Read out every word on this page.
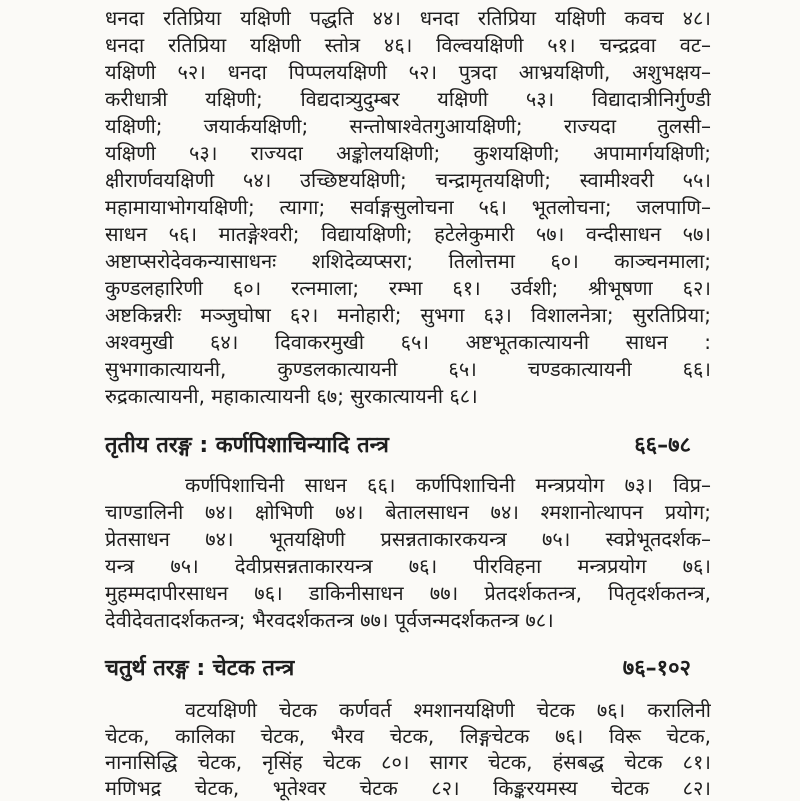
धनदा रतिप्रिया यक्षिणी पद्धति ४४। धनदा रतिप्रिया यक्षिणी कवच ४८।
धनदा रतिप्रिया यक्षिणी स्तोत्र ४६। विल्वयक्षिणी ५१। चन्द्रद्रवा वट–
यक्षिणी ५२। धनदा पिप्पलयक्षिणी ५२। पुत्रदा आभ्रयक्षिणी, अशुभक्षय–
करीधात्री यक्षिणी; विद्यदात्र्युदुम्बर यक्षिणी ५३। विद्यादात्रीनिर्गुण्डी
यक्षिणी; जयार्कयक्षिणी; सन्तोषाश्वेतगुआयक्षिणी; राज्यदा तुलसी–
यक्षिणी ५३। राज्यदा अङ्कोलयक्षिणी; कुशयक्षिणी; अपामार्गयक्षिणी;
क्षीरार्णवयक्षिणी ५४। उच्छिष्टयक्षिणी; चन्द्रामृतयक्षिणी; स्वामीश्वरी ५५।
महामायाभोगयक्षिणी; त्यागा; सर्वाङ्गसुलोचना ५६। भूतलोचना; जलपाणि–
साधन ५६। मातङ्गेश्वरी; विद्यायक्षिणी; हटेलेकुमारी ५७। वन्दीसाधन ५७।
अष्टाप्सरोदेवकन्यासाधनः शशिदेव्यप्सरा; तिलोत्तमा ६०। काञ्चनमाला;
कुण्डलहारिणी ६०। रत्नमाला; रम्भा ६१। उर्वशी; श्रीभूषणा ६२।
अष्टकिन्नरीः मञ्जुघोषा ६२। मनोहारी; सुभगा ६३। विशालनेत्रा; सुरतिप्रिया;
अश्वमुखी ६४। दिवाकरमुखी ६५। अष्टभूतकात्यायनी साधन :
सुभगाकात्यायनी, कुण्डलकात्यायनी ६५। चण्डकात्यायनी ६६।
रुद्रकात्यायनी, महाकात्यायनी ६७; सुरकात्यायनी ६८।
तृतीय तरङ्ग : कर्णपिशाचिन्यादि तन्त्र	६६–७८
कर्णपिशाचिनी साधन ६६। कर्णपिशाचिनी मन्त्रप्रयोग ७३। विप्र–
चाण्डालिनी ७४। क्षोभिणी ७४। बेतालसाधन ७४। श्मशानोत्थापन प्रयोग;
प्रेतसाधन ७४। भूतयक्षिणी प्रसन्नताकारकयन्त्र ७५। स्वप्नेभूतदर्शक–
यन्त्र ७५। देवीप्रसन्नताकारयन्त्र ७६। पीरविहना मन्त्रप्रयोग ७६।
मुहम्मदापीरसाधन ७६। डाकिनीसाधन ७७। प्रेतदर्शकतन्त्र, पितृदर्शकतन्त्र,
देवीदेवतादर्शकतन्त्र; भैरवदर्शकतन्त्र ७७। पूर्वजन्मदर्शकतन्त्र ७८।
चतुर्थ तरङ्ग : चेटक तन्त्र	७६–१०२
वटयक्षिणी चेटक कर्णवर्त श्मशानयक्षिणी चेटक ७६। करालिनी
चेटक, कालिका चेटक, भैरव चेटक, लिङ्गचेटक ७६। विरू चेटक,
नानासिद्धि चेटक, नृसिंह चेटक ८०। सागर चेटक, हंसबद्ध चेटक ८१।
मणिभद्र चेटक, भूतेश्वर चेटक ८२। किङ्करयमस्य चेटक ८२।
